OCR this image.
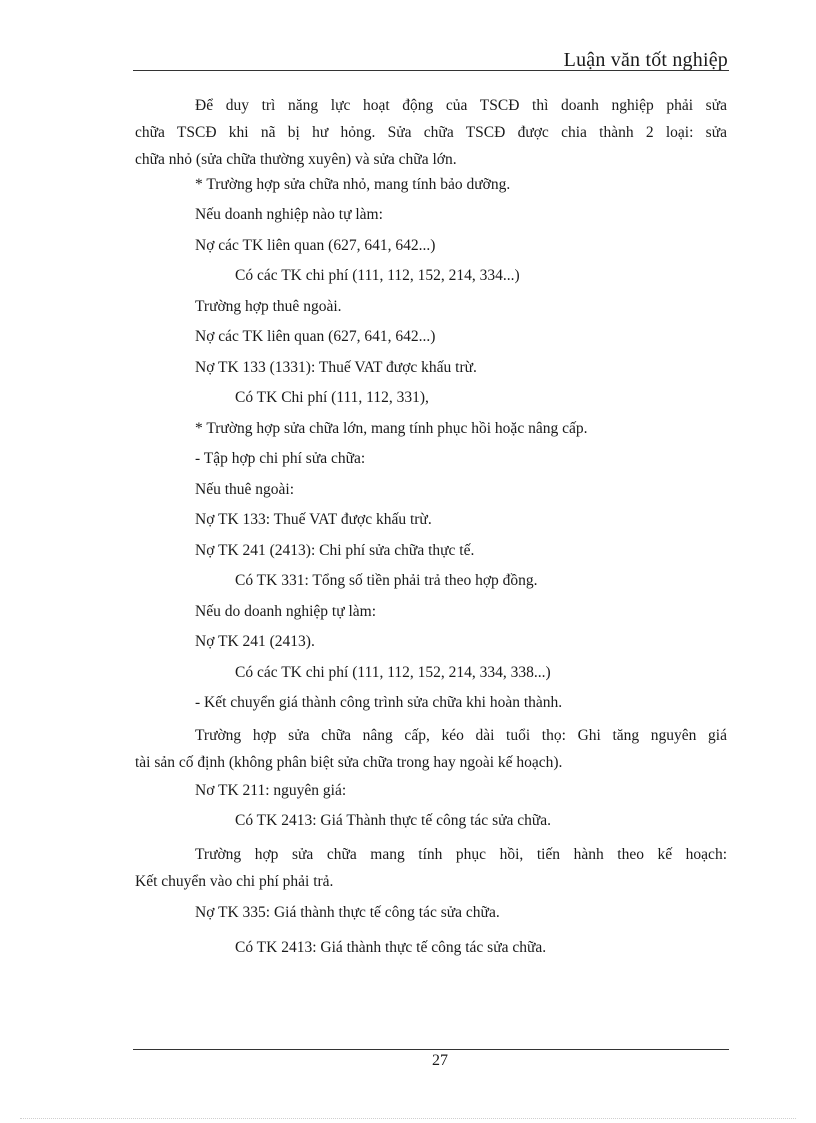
Luận văn tốt nghiệp
Để duy trì năng lực hoạt động của TSCĐ thì doanh nghiệp phải sửa
chữa TSCĐ khi nã bị hư hỏng. Sửa chữa TSCĐ được chia thành 2 loại: sửa
chữa nhỏ (sửa chữa thường xuyên) và sửa chữa lớn.
* Trường hợp sửa chữa nhỏ, mang tính bảo dưỡng.
Nếu doanh nghiệp nào tự làm:
Nợ các TK liên quan (627, 641, 642...)
Có các TK chi phí (111, 112, 152, 214, 334...)
Trường hợp thuê ngoài.
Nợ các TK liên quan (627, 641, 642...)
Nợ TK 133 (1331): Thuế VAT được khấu trừ.
Có TK Chi phí (111, 112, 331),
* Trường hợp sửa chữa lớn, mang tính phục hồi hoặc nâng cấp.
- Tập hợp chi phí sửa chữa:
Nếu thuê ngoài:
Nợ TK 133: Thuế VAT được khấu trừ.
Nợ TK 241 (2413): Chi phí sửa chữa thực tế.
Có TK 331: Tổng số tiền phải trả theo hợp đồng.
Nếu do doanh nghiệp tự làm:
Nợ TK 241 (2413).
Có các TK chi phí (111, 112, 152, 214, 334, 338...)
- Kết chuyển giá thành công trình sửa chữa khi hoàn thành.
Trường hợp sửa chữa nâng cấp, kéo dài tuổi thọ: Ghi tăng nguyên giá
tài sản cố định (không phân biệt sửa chữa trong hay ngoài kế hoạch).
Nơ TK 211: nguyên giá:
Có TK 2413: Giá Thành thực tế công tác sửa chữa.
Trường hợp sửa chữa mang tính phục hồi, tiến hành theo kế hoạch:
Kết chuyển vào chi phí phải trả.
Nợ TK 335: Giá thành thực tế công tác sửa chữa.
Có TK 2413: Giá thành thực tế công tác sửa chữa.
27
